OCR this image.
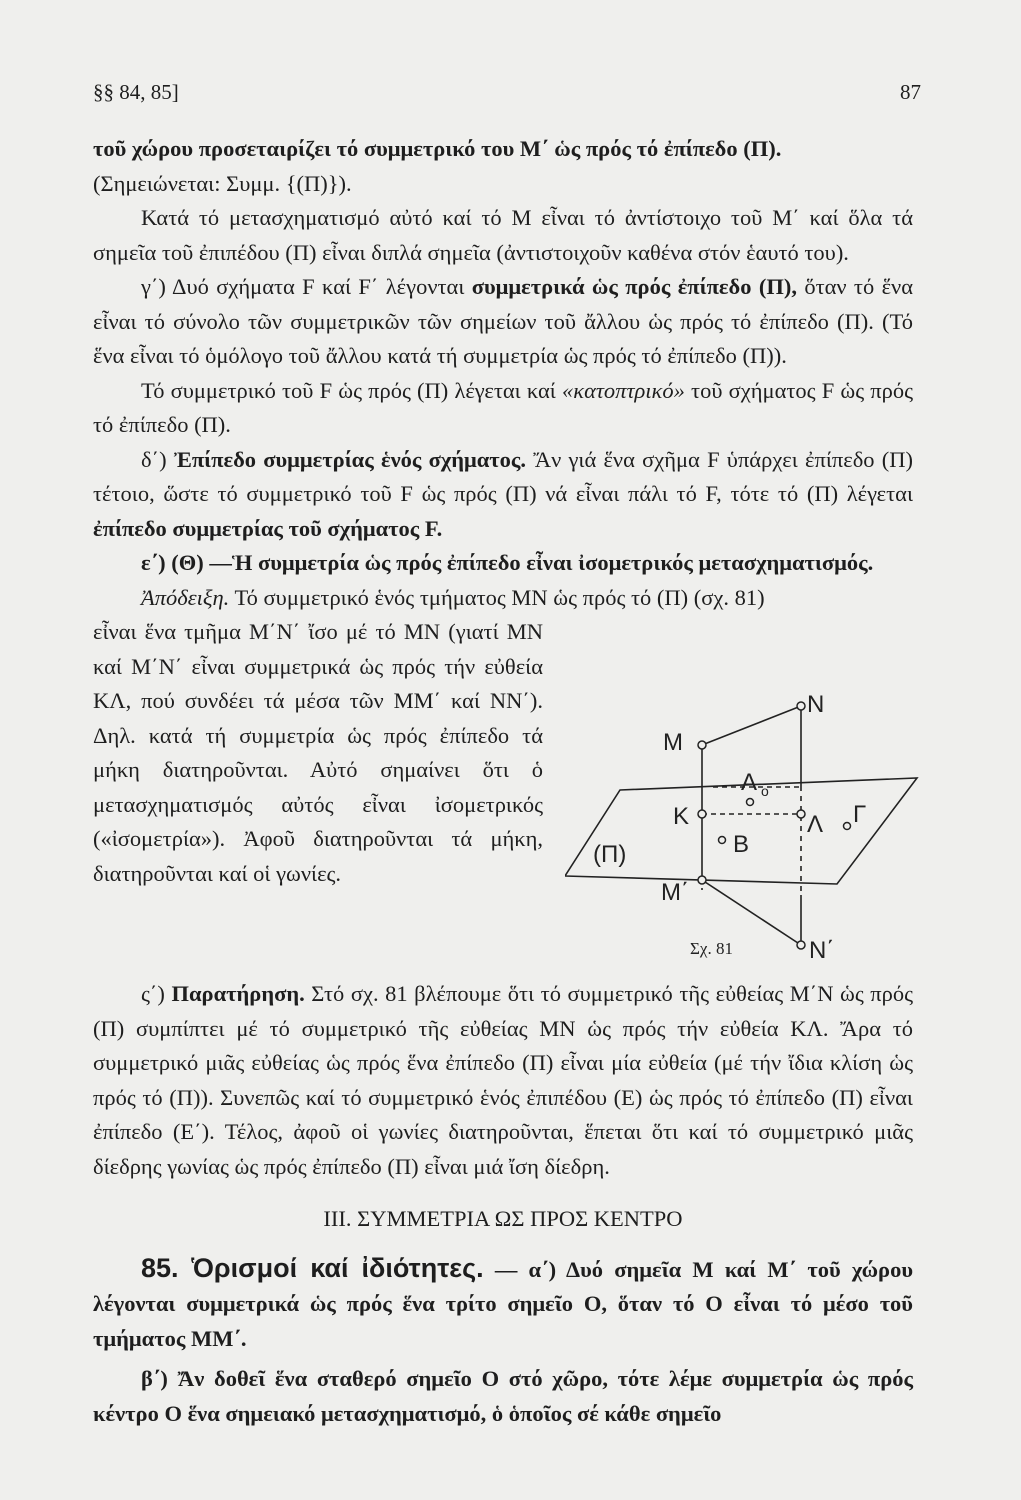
§§ 84, 85]	87

τοῦ χώρου προσεταιρίζει τό συμμετρικό του Μ΄ ὡς πρός τό ἐπίπεδο (Π).
(Σημειώνεται: Συμμ. {(Π)}).

Κατά τό μετασχηματισμό αὐτό καί τό Μ εἶναι τό ἀντίστοιχο τοῦ Μ΄ καί ὅλα τά σημεῖα τοῦ ἐπιπέδου (Π) εἶναι διπλά σημεῖα (ἀντιστοιχοῦν καθένα στόν ἑαυτό του).

γ΄) Δυό σχήματα F καί F΄ λέγονται συμμετρικά ὡς πρός ἐπίπεδο (Π), ὅταν τό ἕνα εἶναι τό σύνολο τῶν συμμετρικῶν τῶν σημείων τοῦ ἄλλου ὡς πρός τό ἐπίπεδο (Π). (Τό ἕνα εἶναι τό ὁμόλογο τοῦ ἄλλου κατά τή συμμετρία ὡς πρός τό ἐπίπεδο (Π)).

Τό συμμετρικό τοῦ F ὡς πρός (Π) λέγεται καί «κατοπτρικό» τοῦ σχήματος F ὡς πρός τό ἐπίπεδο (Π).

δ΄) Ἐπίπεδο συμμετρίας ἑνός σχήματος. Ἄν γιά ἕνα σχῆμα F ὑπάρχει ἐπίπεδο (Π) τέτοιο, ὥστε τό συμμετρικό τοῦ F ὡς πρός (Π) νά εἶναι πάλι τό F, τότε τό (Π) λέγεται ἐπίπεδο συμμετρίας τοῦ σχήματος F.

ε΄) (Θ) —Ἡ συμμετρία ὡς πρός ἐπίπεδο εἶναι ἰσομετρικός μετασχηματισμός.

Ἀπόδειξη. Τό συμμετρικό ἑνός τμήματος ΜΝ ὡς πρός τό (Π) (σχ. 81)

εἶναι ἕνα τμῆμα Μ΄Ν΄ ἴσο μέ τό ΜΝ (γιατί ΜΝ καί Μ΄Ν΄ εἶναι συμμετρικά ὡς πρός τήν εὐθεία ΚΛ, πού συνδέει τά μέσα τῶν ΜΜ΄ καί ΝΝ΄). Δηλ. κατά τή συμμετρία ὡς πρός ἐπίπεδο τά μήκη διατηροῦνται. Αὐτό σημαίνει ὅτι ὁ μετασχηματισμός αὐτός εἶναι ἰσομετρικός («ἰσομετρία»). Ἀφοῦ διατηροῦνται τά μήκη, διατηροῦνται καί οἱ γωνίες.

M
N
A o
K	Λ Γ
B
(Π)
M΄
N΄
Σχ. 81

ς΄) Παρατήρηση. Στό σχ. 81 βλέπουμε ὅτι τό συμμετρικό τῆς εὐθείας Μ΄Ν ὡς πρός (Π) συμπίπτει μέ τό συμμετρικό τῆς εὐθείας ΜΝ ὡς πρός τήν εὐθεία ΚΛ. Ἄρα τό συμμετρικό μιᾶς εὐθείας ὡς πρός ἕνα ἐπίπεδο (Π) εἶναι μία εὐθεία (μέ τήν ἴδια κλίση ὡς πρός τό (Π)). Συνεπῶς καί τό συμμετρικό ἑνός ἐπιπέδου (Ε) ὡς πρός τό ἐπίπεδο (Π) εἶναι ἐπίπεδο (Ε΄). Τέλος, ἀφοῦ οἱ γωνίες διατηροῦνται, ἕπεται ὅτι καί τό συμμετρικό μιᾶς δίεδρης γωνίας ὡς πρός ἐπίπεδο (Π) εἶναι μιά ἴση δίεδρη.

III. ΣΥΜΜΕΤΡΙΑ ΩΣ ΠΡΟΣ ΚΕΝΤΡΟ

85. Ὁρισμοί καί ἰδιότητες. — α΄) Δυό σημεῖα Μ καί Μ΄ τοῦ χώρου λέγονται συμμετρικά ὡς πρός ἕνα τρίτο σημεῖο Ο, ὅταν τό Ο εἶναι τό μέσο τοῦ τμήματος ΜΜ΄.

β΄) Ἄν δοθεῖ ἕνα σταθερό σημεῖο Ο στό χῶρο, τότε λέμε συμμετρία ὡς πρός κέντρο Ο ἕνα σημειακό μετασχηματισμό, ὁ ὁποῖος σέ κάθε σημεῖο
